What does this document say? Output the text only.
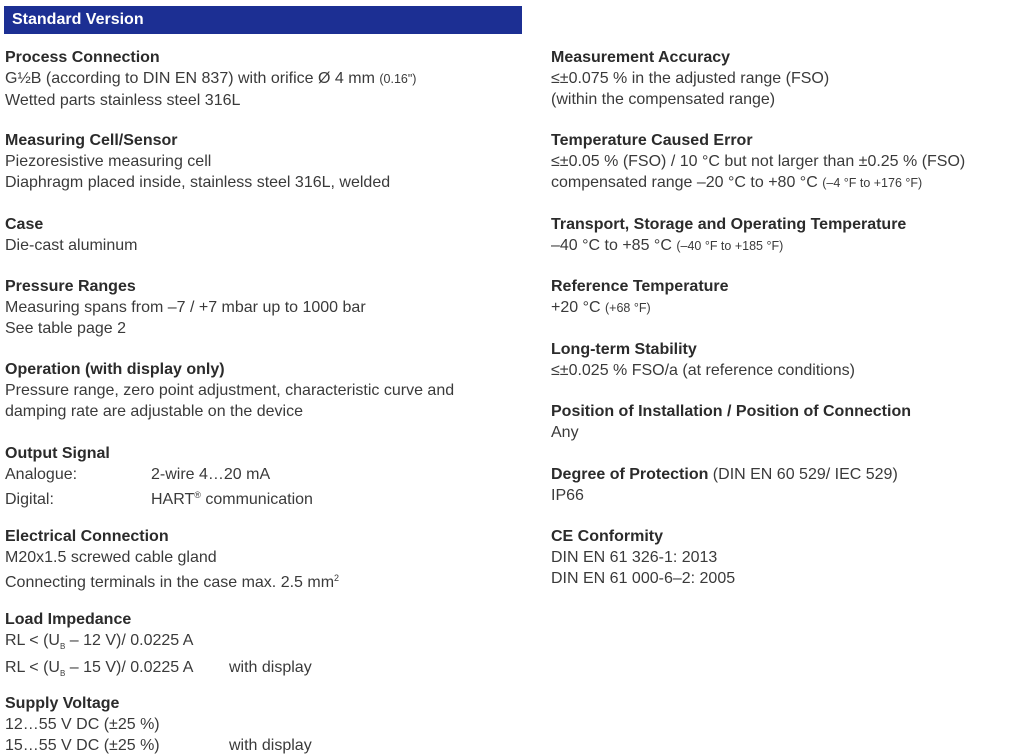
Standard Version
Process Connection
G½B (according to DIN EN 837) with orifice Ø 4 mm (0.16")
Wetted parts stainless steel 316L
Measuring Cell/Sensor
Piezoresistive measuring cell
Diaphragm placed inside, stainless steel 316L, welded
Case
Die-cast aluminum
Pressure Ranges
Measuring spans from –7 / +7 mbar up to 1000 bar
See table page 2
Operation (with display only)
Pressure range, zero point adjustment, characteristic curve and
damping rate are adjustable on the device
Output Signal
Analogue:	2-wire 4…20 mA
Digital:	HART® communication
Electrical Connection
M20x1.5 screwed cable gland
Connecting terminals in the case max. 2.5 $mm^2$
Load Impedance
RL < ($U_B - 12$ V)/ 0.0225 A
RL < ($U_B - 15$ V)/ 0.0225 A with display
Supply Voltage
12…55 V DC (±25 %)
15…55 V DC (±25 %)	with display
Measurement Accuracy
≤±0.075 % in the adjusted range (FSO)
(within the compensated range)
Temperature Caused Error
≤±0.05 % (FSO) / 10 °C but not larger than ±0.25 % (FSO)
compensated range –20 °C to +80 °C (–4 °F to +176 °F)
Transport, Storage and Operating Temperature
–40 °C to +85 °C (–40 °F to +185 °F)
Reference Temperature
+20 °C (+68 °F)
Long-term Stability
≤±0.025 % FSO/a (at reference conditions)
Position of Installation / Position of Connection
Any
Degree of Protection (DIN EN 60 529/ IEC 529)
IP66
CE Conformity
DIN EN 61 326-1: 2013
DIN EN 61 000-6–2: 2005
